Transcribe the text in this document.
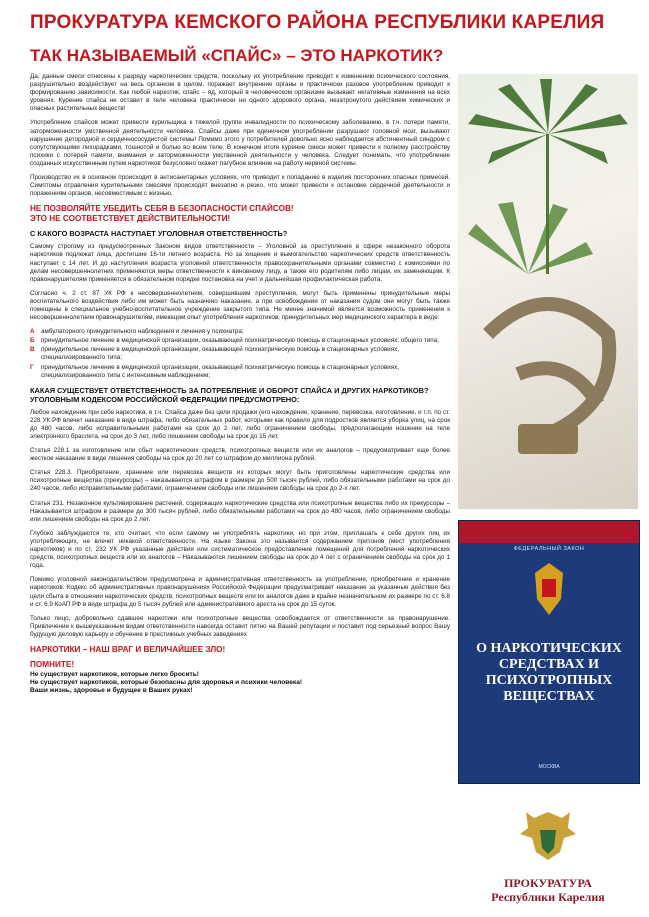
ПРОКУРАТУРА КЕМСКОГО РАЙОНА РЕСПУБЛИКИ КАРЕЛИЯ
ТАК НАЗЫВАЕМЫЙ «СПАЙС» – ЭТО НАРКОТИК?

Да, данные смеси отнесены к разряду наркотических средств, поскольку их употребление приводит к изменению психического состояния, разрушительно воздействует на весь организм в целом, поражает внутренние органы и практически разовое употребление приводит к формированию зависимости. Как любой наркотик, спайс – яд, который в человеческом организме вызывает негативные изменения на всех уровнях. Курение спайса не оставит в теле человека практически ни одного здорового органа, незатронутого действием химических и опасных растительных веществ!

Употребление спайсов может привести курильщика к тяжелой группе инвалидности по психическому заболеванию, в т.ч. потери памяти, заторможенности умственной деятельности человека. Спайсы даже при единичном употреблении разрушают головной мозг, вызывают нарушение детородной и сердечнососудистой системы! Помимо этого у потребителей довольно ясно наблюдается абстинентный синдром с сопутствующими лихорадками, тошнотой и болью во всем теле. В конечном итоге курение смеси может привести к полному расстройству психики с потерей памяти, внимания и заторможенности умственной деятельности у человека. Следует понимать, что употребление созданных искусственным путем наркотиков безусловно окажет пагубное влияние на работу нервной системы.

Производство их в основном происходит в антисанитарных условиях, что приводит к попаданию в изделия посторонних опасных примесей. Симптомы отравления курительными смесями происходят внезапно и резко, что может привести к остановке сердечной деятельности и поражениям органов, несовместимым с жизнью.

НЕ ПОЗВОЛЯЙТЕ УБЕДИТЬ СЕБЯ В БЕЗОПАСНОСТИ СПАЙСОВ!
ЭТО НЕ СООТВЕТСТВУЕТ ДЕЙСТВИТЕЛЬНОСТИ!
С КАКОГО ВОЗРАСТА НАСТУПАЕТ УГОЛОВНАЯ ОТВЕТСТВЕННОСТЬ?

Самому строгому из предусмотренных Законом видов ответственности – Уголовной за преступления в сфере незаконного оборота наркотиков подлежат лица, достигшие 16-ти летнего возраста. Но за хищение и вымогательство наркотических средств ответственность наступает с 14 лет. И до наступления возраста уголовной ответственности правоохранительными органами совместно с комиссиями по делам несовершеннолетних применяются меры ответственности к виновному лицу, а также его родителям либо лицам, их заменяющим. К правонарушителям применяется в обязательном порядке постановка на учет и дальнейшая профилактическая работа.

Согласно ч. 2 ст. 87 УК РФ к несовершеннолетним, совершившим преступления, могут быть применены принудительные меры воспитательного воздействия либо им может быть назначено наказание, а при освобождении от наказания судом они могут быть также помещены в специальное учебно-воспитательное учреждение закрытого типа. Не менее значимой является возможность применения к несовершеннолетним правонарушителям, имеющим опыт употребления наркотиков, принудительных мер медицинского характера в виде:

А	амбулаторного принудительного наблюдения и лечения у психиатра;
Б	принудительное лечение в медицинской организации, оказывающей психиатрическую помощь в стационарных условиях, общего типа;
В	принудительное лечение в медицинской организации, оказывающей психиатрическую помощь в стационарных условиях, специализированного типа;
Г	принудительное лечение в медицинской организации, оказывающей психиатрическую помощь в стационарных условиях, специализированного типа с интенсивным наблюдением;
КАКАЯ СУЩЕСТВУЕТ ОТВЕТСТВЕННОСТЬ ЗА ПОТРЕБЛЕНИЕ И ОБОРОТ СПАЙСА И ДРУГИХ НАРКОТИКОВ? УГОЛОВНЫМ КОДЕКСОМ РОССИЙСКОЙ ФЕДЕРАЦИИ ПРЕДУСМОТРЕНО:

Любое нахождение при себе наркотика, в т.ч. Спайса даже без цели продажи (его нахождение, хранение, перевозка, изготовление, и т.п. по ст. 228 УК РФ влечет наказание в виде штрафа, либо обязательных работ, которыми как правило для подростков является уборка улиц, на срок до 480 часов, либо исправительными работами на срок до 2 лет, либо ограничением свободы, предполагающим ношение на теле электронного браслета, на срок до 3 лет, либо лишением свободы на срок до 15 лет.

Статья 228.1 за изготовление или сбыт наркотических средств, психотропных веществ или их аналогов – предусматривает еще более жесткое наказание в виде лишения свободы на срок до 20 лет со штрафом до миллиона рублей.

Статья 228.3. Приобретение, хранение или перевозка веществ из которых могут быть приготовлены наркотические средства или психотропные вещества (прекурсоры) – наказываются штрафом в размере до 500 тысяч рублей, либо обязательными работами на срок до 240 часов, либо исправительными работами, ограничением свободы или лишением свободы на срок до 2-х лет.

Статья 231. Незаконное культивирование растений, содержащих наркотические средства или психотропные вещества либо их прекурсоры – Наказывается штрафом в размере до 300 тысяч рублей, либо обязательными работами на срок до 480 часов, либо ограничением свободы или лишением свободы на срок до 2 лет.

Глубоко заблуждаются те, кто считает, что если самому не употреблять наркотики, но при этом, приглашать к себе других лиц их употребляющих, не влечет никакой ответственности. На языке Закона это называется содержанием притонов (мест употребления наркотиков) и по ст. 232 УК РФ указанные действия или систематическое предоставление помещений для потребления наркотических средств, психотропных веществ или их аналогов – Наказываются лишением свободы на срок до 4 лет с ограничением свободы на срок до 1 года.

Помимо уголовной законодательством предусмотрена и административная ответственность за употребление, приобретение и хранение наркотиков. Кодекс об административных правонарушениях Российской Федерации предусматривает наказание за указанные действия без цели сбыта в отношении наркотических средств, психотропных веществ или их аналогов даже в крайне незначительном их размере по ст. 6.8 и ст. 6.9 КоАП РФ в виде штрафа до 5 тысяч рублей или административного ареста на срок до 15 суток.

Только лицо, добровольно сдавшее наркотики или психотропные вещества освобождается от ответственности за правонарушение. Привлечение к вышеуказанным видам ответственности навсегда оставит пятно на Вашей репутации и поставит под серьезный вопрос Вашу будущую деловую карьеру и обучение в престижных учебных заведениях

НАРКОТИКИ – НАШ ВРАГ И ВЕЛИЧАЙШЕЕ ЗЛО!
ПОМНИТЕ!
Не существует наркотиков, которые легко бросить!
Не существует наркотиков, которые безопасны для здоровья и психики человека!
Ваши жизнь, здоровье и будущее в Ваших руках!
ФЕДЕРАЛЬНЫЙ ЗАКОН
О НАРКОТИЧЕСКИХ СРЕДСТВАХ И ПСИХОТРОПНЫХ ВЕЩЕСТВАХ
МОСКВА
ПРОКУРАТУРА
Республики Карелия
